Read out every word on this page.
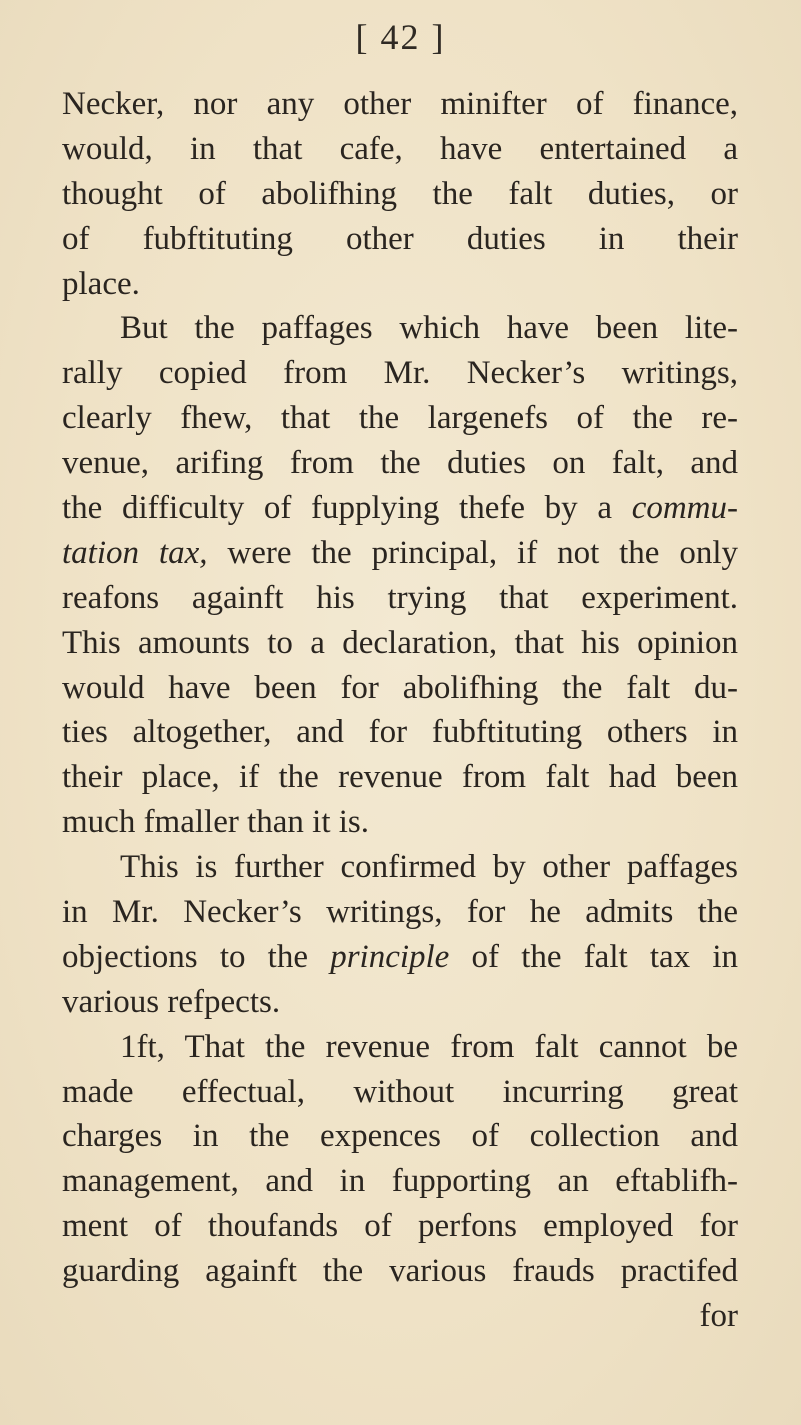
[ 42 ]
Necker, nor any other minifter of finance,
would, in that cafe, have entertained a
thought of abolifhing the falt duties, or
of fubftituting other duties in their
place.
But the paffages which have been lite-
rally copied from Mr. Necker’s writings,
clearly fhew, that the largenefs of the re-
venue, arifing from the duties on falt, and
the difficulty of fupplying thefe by a commu-
tation tax, were the principal, if not the only
reafons againft his trying that experiment.
This amounts to a declaration, that his opinion
would have been for abolifhing the falt du-
ties altogether, and for fubftituting others in
their place, if the revenue from falt had been
much fmaller than it is.
This is further confirmed by other paffages
in Mr. Necker’s writings, for he admits the
objections to the principle of the falt tax in
various refpects.
1ft, That the revenue from falt cannot be
made effectual, without incurring great
charges in the expences of collection and
management, and in fupporting an eftablifh-
ment of thoufands of perfons employed for
guarding againft the various frauds practifed
for
